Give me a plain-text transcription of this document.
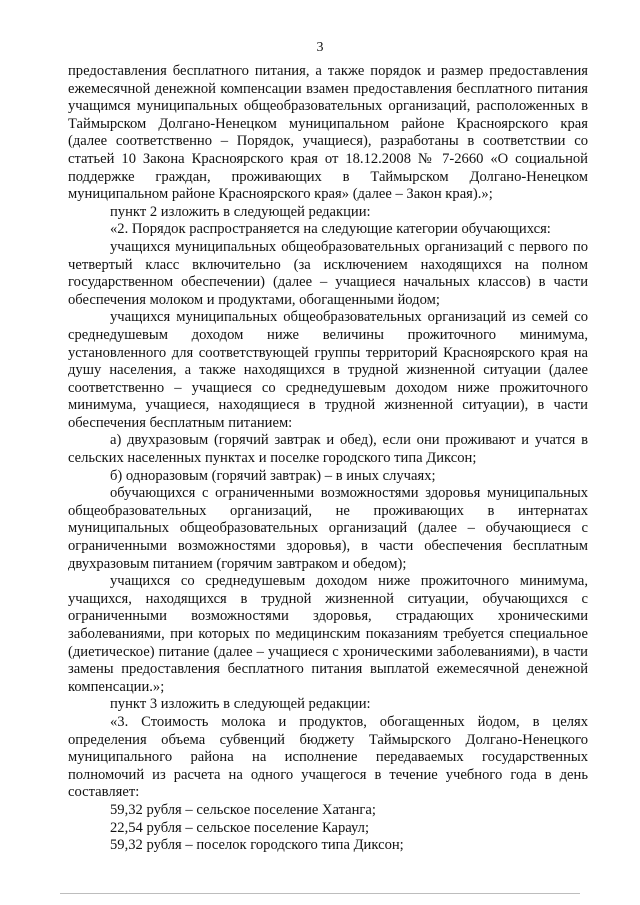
3

предоставления бесплатного питания, а также порядок и размер предоставления ежемесячной денежной компенсации взамен предоставления бесплатного питания учащимся муниципальных общеобразовательных организаций, расположенных в Таймырском Долгано-Ненецком муниципальном районе Красноярского края (далее соответственно – Порядок, учащиеся), разработаны в соответствии со статьей 10 Закона Красноярского края от 18.12.2008 № 7-2660 «О социальной поддержке граждан, проживающих в Таймырском Долгано-Ненецком муниципальном районе Красноярского края» (далее – Закон края).»;

пункт 2 изложить в следующей редакции:

«2. Порядок распространяется на следующие категории обучающихся:

учащихся муниципальных общеобразовательных организаций с первого по четвертый класс включительно (за исключением находящихся на полном государственном обеспечении) (далее – учащиеся начальных классов) в части обеспечения молоком и продуктами, обогащенными йодом;

учащихся муниципальных общеобразовательных организаций из семей со среднедушевым доходом ниже величины прожиточного минимума, установленного для соответствующей группы территорий Красноярского края на душу населения, а также находящихся в трудной жизненной ситуации (далее соответственно – учащиеся со среднедушевым доходом ниже прожиточного минимума, учащиеся, находящиеся в трудной жизненной ситуации), в части обеспечения бесплатным питанием:

а) двухразовым (горячий завтрак и обед), если они проживают и учатся в сельских населенных пунктах и поселке городского типа Диксон;

б) одноразовым (горячий завтрак) – в иных случаях;

обучающихся с ограниченными возможностями здоровья муниципальных общеобразовательных организаций, не проживающих в интернатах муниципальных общеобразовательных организаций (далее – обучающиеся с ограниченными возможностями здоровья), в части обеспечения бесплатным двухразовым питанием (горячим завтраком и обедом);

учащихся со среднедушевым доходом ниже прожиточного минимума, учащихся, находящихся в трудной жизненной ситуации, обучающихся с ограниченными возможностями здоровья, страдающих хроническими заболеваниями, при которых по медицинским показаниям требуется специальное (диетическое) питание (далее – учащиеся с хроническими заболеваниями), в части замены предоставления бесплатного питания выплатой ежемесячной денежной компенсации.»;

пункт 3 изложить в следующей редакции:

«3. Стоимость молока и продуктов, обогащенных йодом, в целях определения объема субвенций бюджету Таймырского Долгано-Ненецкого муниципального района на исполнение передаваемых государственных полномочий из расчета на одного учащегося в течение учебного года в день составляет:

59,32 рубля – сельское поселение Хатанга;

22,54 рубля – сельское поселение Караул;

59,32 рубля – поселок городского типа Диксон;
